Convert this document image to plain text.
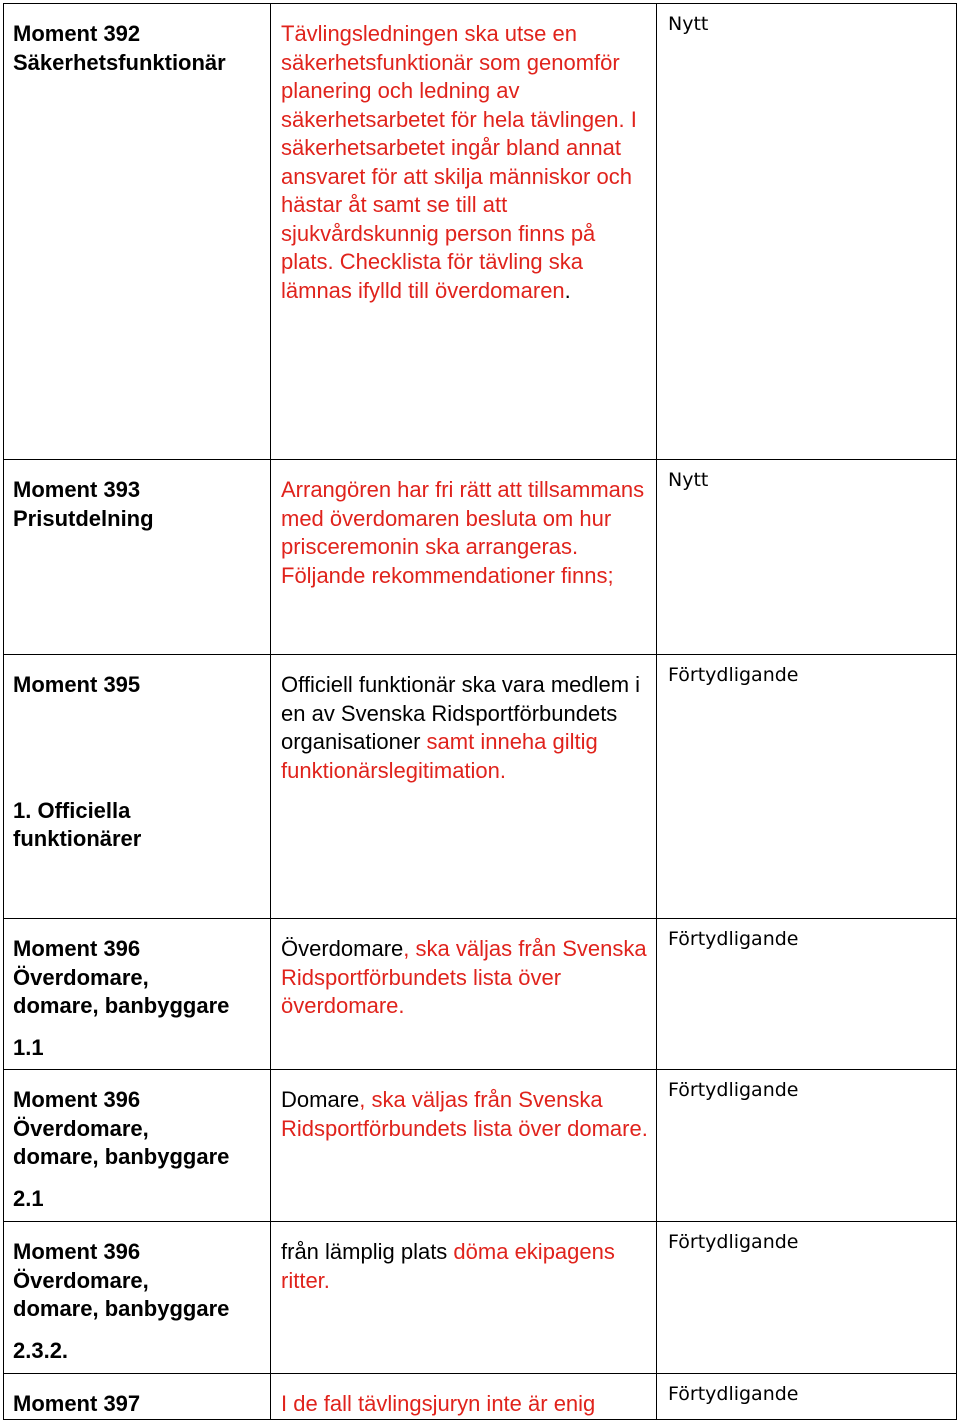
Moment 392
Säkerhetsfunktionär	Tävlingsledningen ska utse en säkerhetsfunktionär som genomför planering och ledning av säkerhetsarbetet för hela tävlingen. I säkerhetsarbetet ingår bland annat ansvaret för att skilja människor och hästar åt samt se till att sjukvårdskunnig person finns på plats. Checklista för tävling ska lämnas ifylld till överdomaren.	Nytt

Moment 393
Prisutdelning	Arrangören har fri rätt att tillsammans med överdomaren besluta om hur prisceremonin ska arrangeras. Följande rekommendationer finns;	Nytt

Moment 395
1. Officiella
funktionärer	Officiell funktionär ska vara medlem i en av Svenska Ridsportförbundets organisationer samt inneha giltig funktionärslegitimation.	Förtydligande

Moment 396
Överdomare,
domare, banbyggare
1.1	Överdomare, ska väljas från Svenska Ridsportförbundets lista över överdomare.	Förtydligande

Moment 396
Överdomare,
domare, banbyggare
2.1	Domare, ska väljas från Svenska Ridsportförbundets lista över domare.	Förtydligande

Moment 396
Överdomare,
domare, banbyggare
2.3.2.	från lämplig plats döma ekipagens ritter.	Förtydligande

Moment 397	I de fall tävlingsjuryn inte är enig	Förtydligande
